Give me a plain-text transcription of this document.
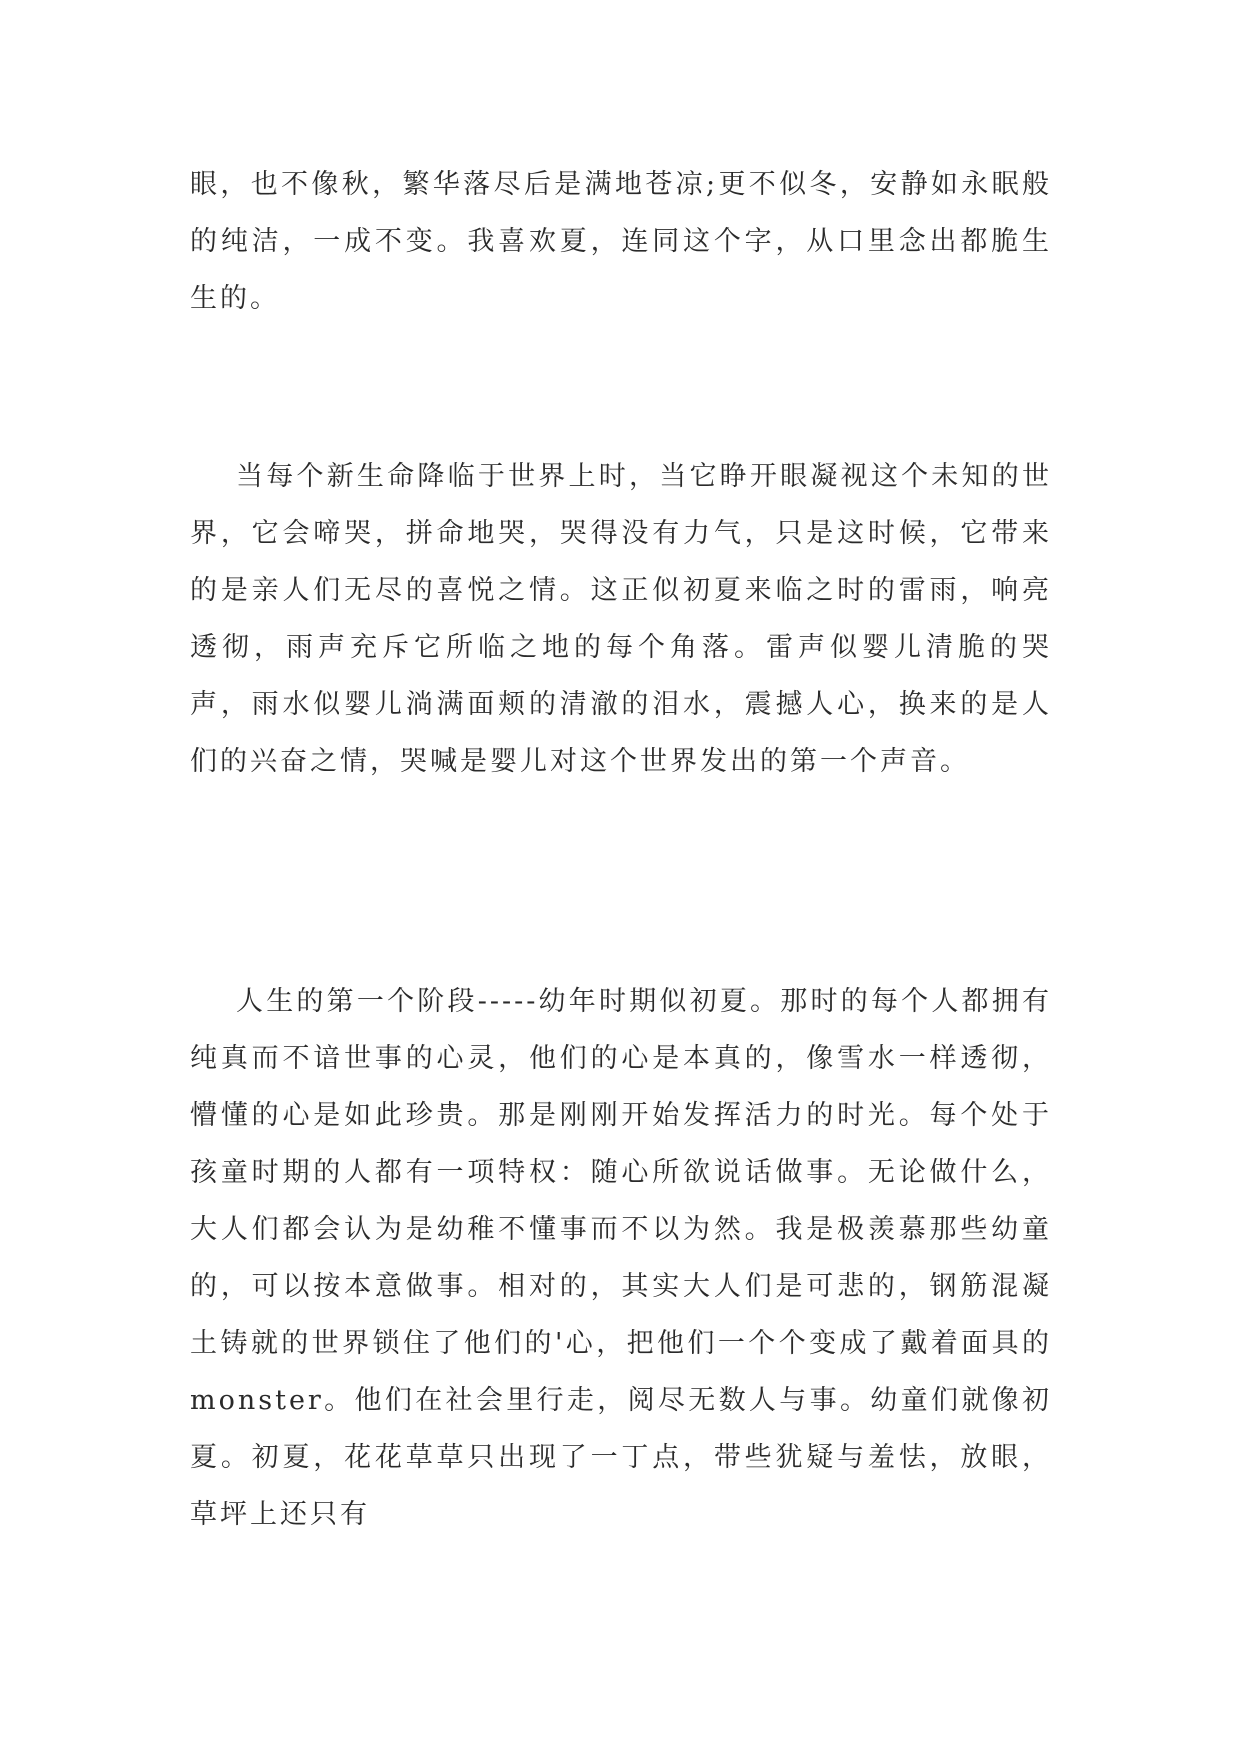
眼，也不像秋，繁华落尽后是满地苍凉;更不似冬，安静如永眠般的纯洁，一成不变。我喜欢夏，连同这个字，从口里念出都脆生生的。

当每个新生命降临于世界上时，当它睁开眼凝视这个未知的世界，它会啼哭，拼命地哭，哭得没有力气，只是这时候，它带来的是亲人们无尽的喜悦之情。这正似初夏来临之时的雷雨，响亮透彻，雨声充斥它所临之地的每个角落。雷声似婴儿清脆的哭声，雨水似婴儿淌满面颊的清澈的泪水，震撼人心，换来的是人们的兴奋之情，哭喊是婴儿对这个世界发出的第一个声音。

人生的第一个阶段-----幼年时期似初夏。那时的每个人都拥有纯真而不谙世事的心灵，他们的心是本真的，像雪水一样透彻，懵懂的心是如此珍贵。那是刚刚开始发挥活力的时光。每个处于孩童时期的人都有一项特权：随心所欲说话做事。无论做什么，大人们都会认为是幼稚不懂事而不以为然。我是极羡慕那些幼童的，可以按本意做事。相对的，其实大人们是可悲的，钢筋混凝土铸就的世界锁住了他们的'心，把他们一个个变成了戴着面具的monster。他们在社会里行走，阅尽无数人与事。幼童们就像初夏。初夏，花花草草只出现了一丁点，带些犹疑与羞怯，放眼，草坪上还只有
